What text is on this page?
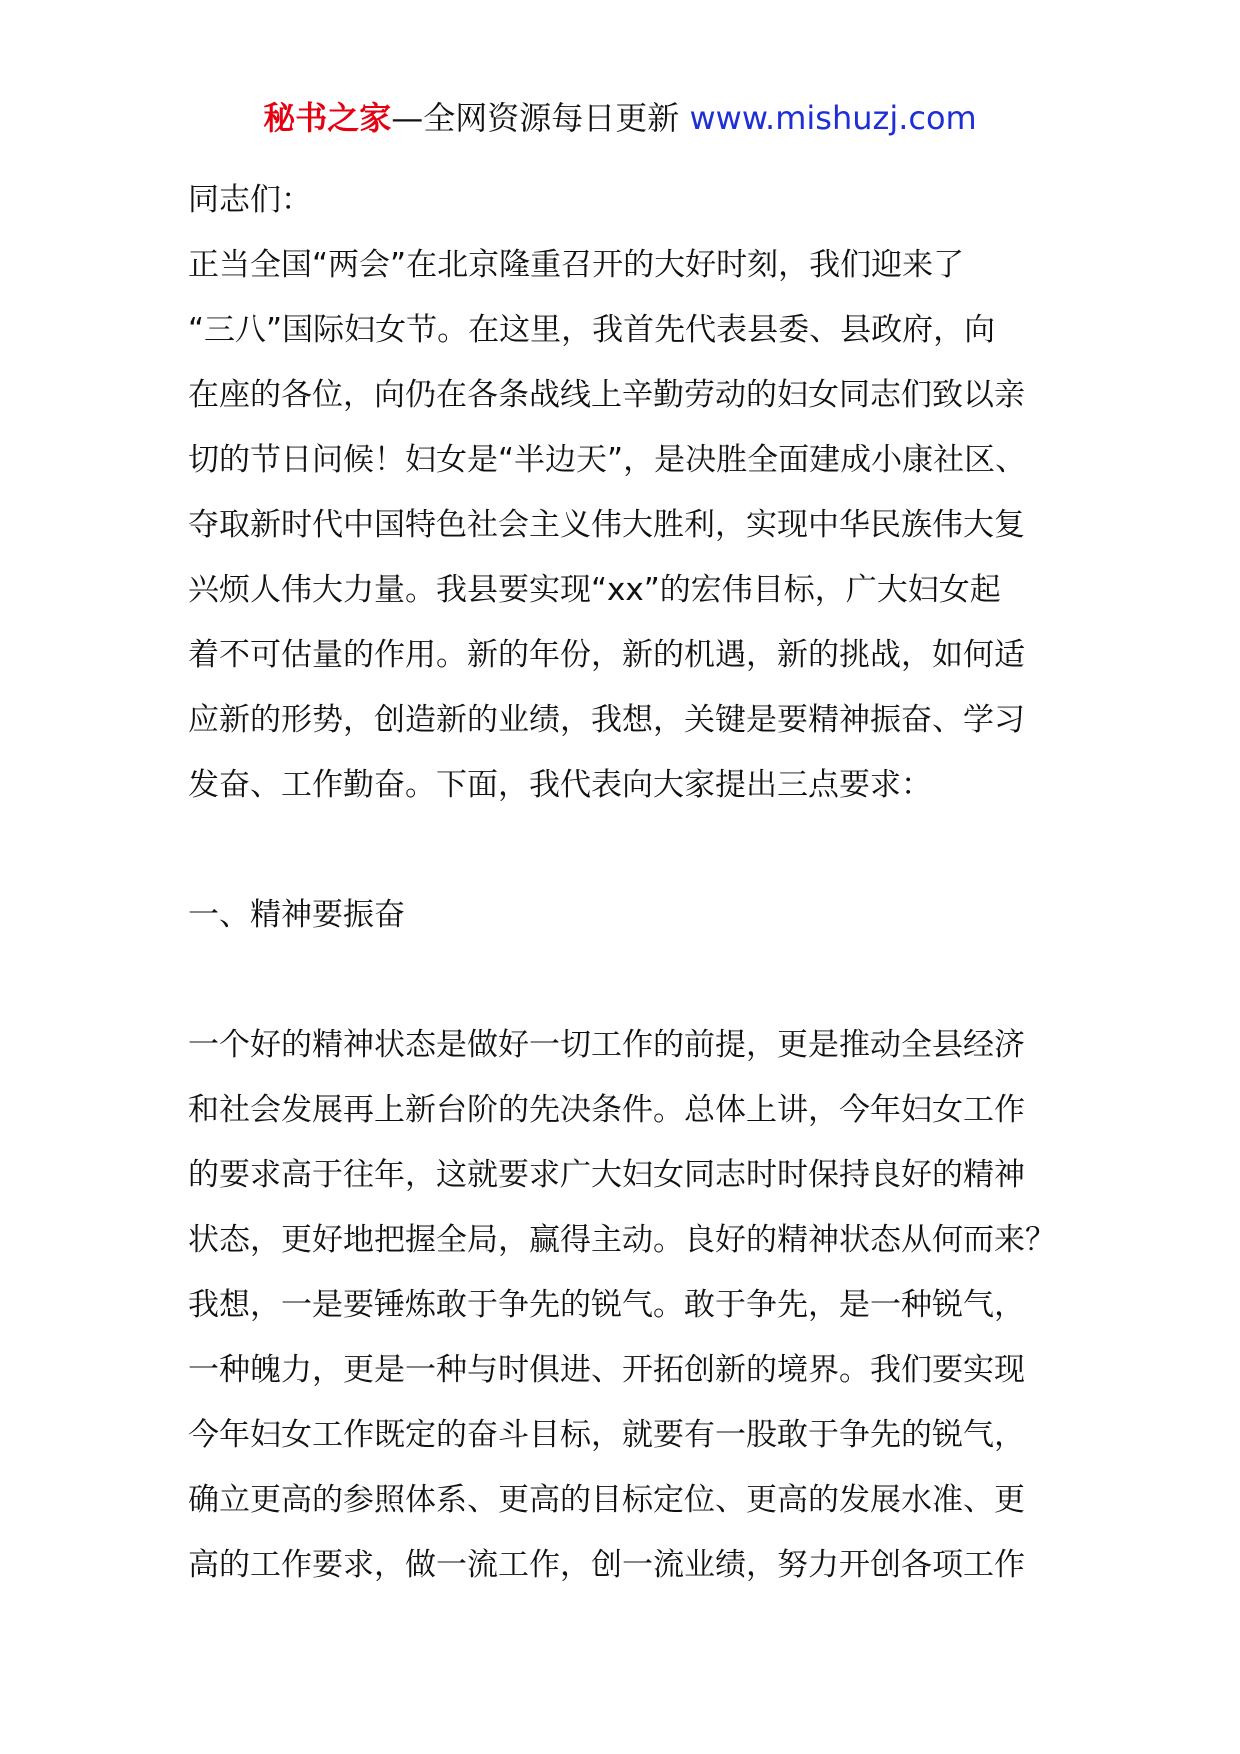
秘书之家—全网资源每日更新 www.mishuzj.com
同志们：
正当全国“两会”在北京隆重召开的大好时刻，我们迎来了
“三八”国际妇女节。在这里，我首先代表县委、县政府，向
在座的各位，向仍在各条战线上辛勤劳动的妇女同志们致以亲
切的节日问候！妇女是“半边天”，是决胜全面建成小康社区、
夺取新时代中国特色社会主义伟大胜利，实现中华民族伟大复
兴烦人伟大力量。我县要实现“xx”的宏伟目标，广大妇女起
着不可估量的作用。新的年份，新的机遇，新的挑战，如何适
应新的形势，创造新的业绩，我想，关键是要精神振奋、学习
发奋、工作勤奋。下面，我代表向大家提出三点要求：
一、精神要振奋
一个好的精神状态是做好一切工作的前提，更是推动全县经济
和社会发展再上新台阶的先决条件。总体上讲，今年妇女工作
的要求高于往年，这就要求广大妇女同志时时保持良好的精神
状态，更好地把握全局，赢得主动。良好的精神状态从何而来？
我想，一是要锤炼敢于争先的锐气。敢于争先，是一种锐气，
一种魄力，更是一种与时俱进、开拓创新的境界。我们要实现
今年妇女工作既定的奋斗目标，就要有一股敢于争先的锐气，
确立更高的参照体系、更高的目标定位、更高的发展水准、更
高的工作要求，做一流工作，创一流业绩，努力开创各项工作
